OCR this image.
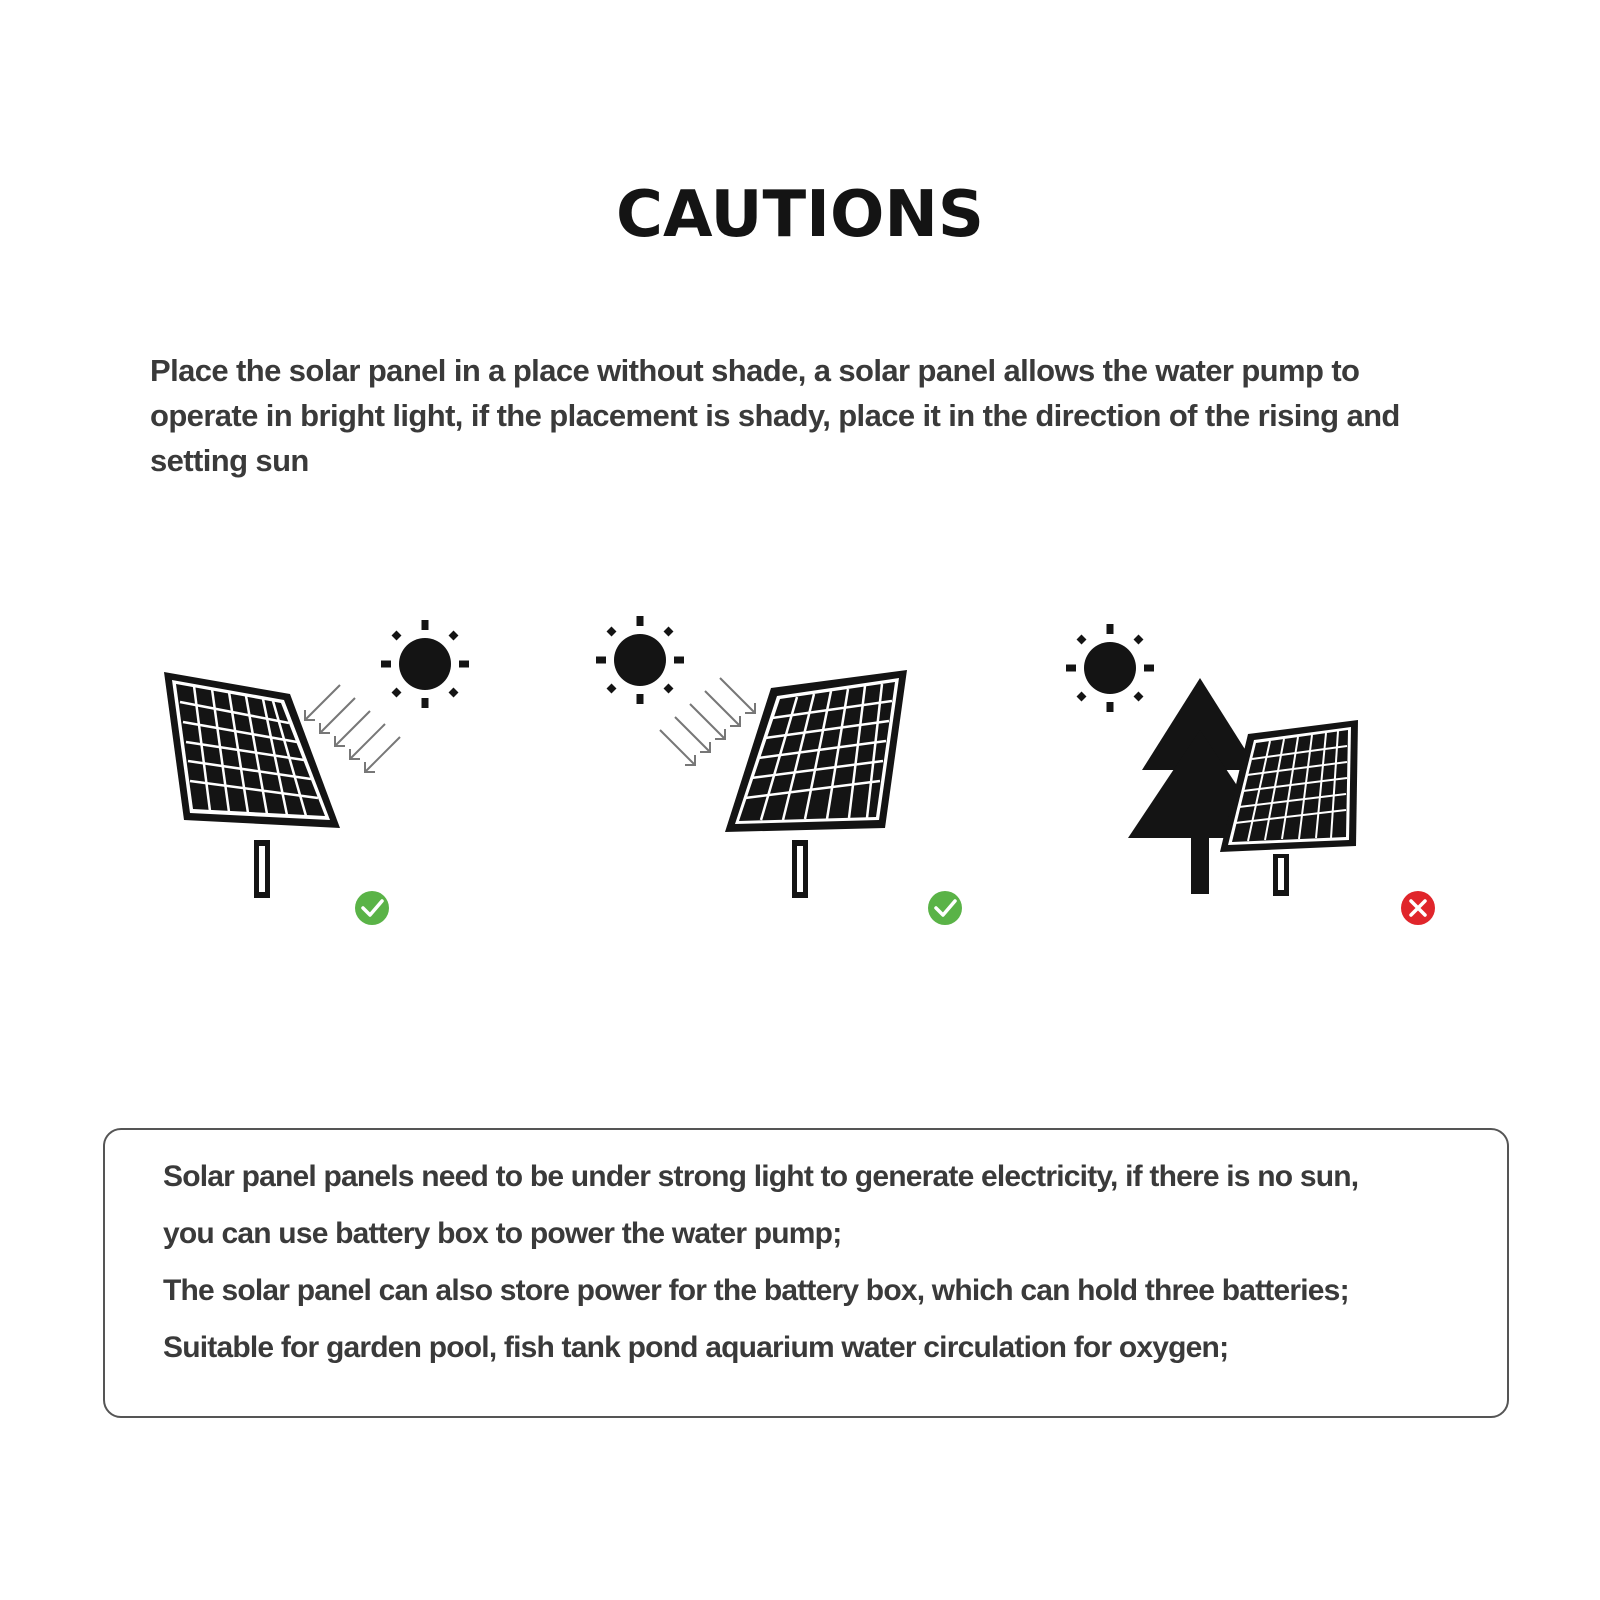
CAUTIONS

Place the solar panel in a place without shade, a solar panel allows the water pump to operate in bright light, if the placement is shady, place it in the direction of the rising and setting sun

Solar panel panels need to be under strong light to generate electricity, if there is no sun,

you can use battery box to power the water pump;

The solar panel can also store power for the battery box, which can hold three batteries;

Suitable for garden pool, fish tank pond aquarium water circulation for oxygen;
